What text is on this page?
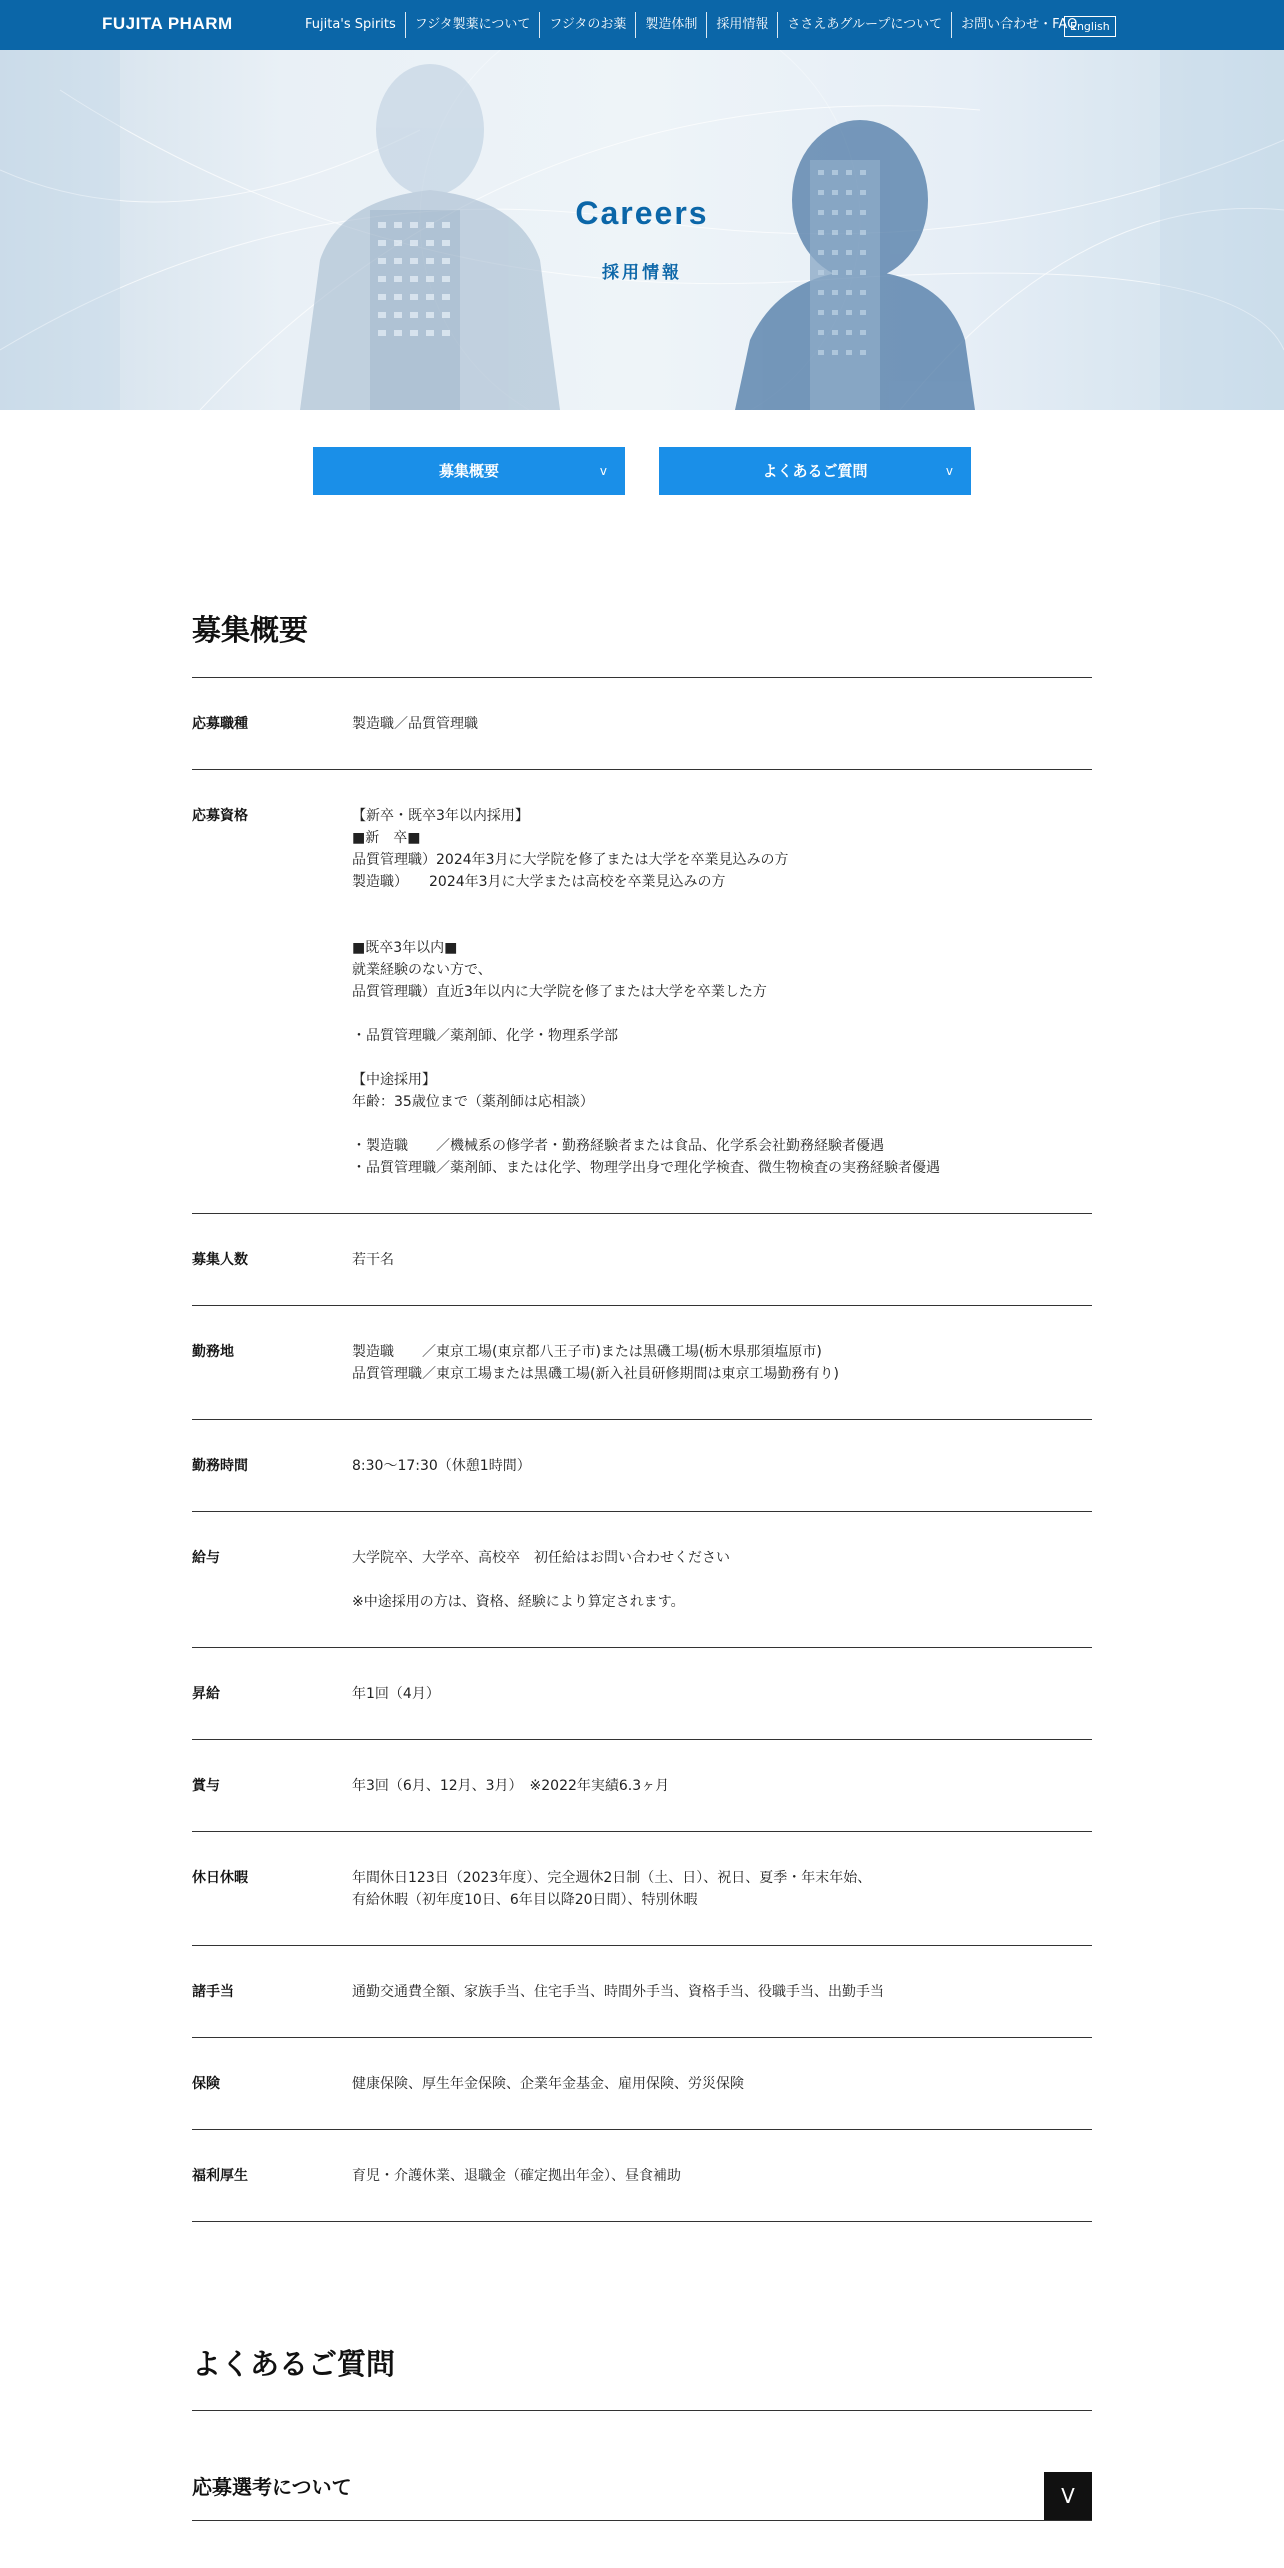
FUJITA PHARM	Fujita's Spirits	フジタ製薬について	フジタのお薬	製造体制	採用情報	ささえあグループについて	お問い合わせ・FAQ
English
Careers
採用情報
募集概要	v	よくあるご質問	v
募集概要
応募職種	製造職／品質管理職
応募資格	【新卒・既卒3年以内採用】
■新　卒■
品質管理職）2024年3月に大学院を修了または大学を卒業見込みの方
製造職）　　2024年3月に大学または高校を卒業見込みの方
■既卒3年以内■
就業経験のない方で、
品質管理職）直近3年以内に大学院を修了または大学を卒業した方
・品質管理職／薬剤師、化学・物理系学部
【中途採用】
年齢：35歳位まで（薬剤師は応相談）
・製造職　　／機械系の修学者・勤務経験者または食品、化学系会社勤務経験者優遇
・品質管理職／薬剤師、または化学、物理学出身で理化学検査、微生物検査の実務経験者優遇
募集人数	若干名
勤務地	製造職　　／東京工場(東京都八王子市)または黒磯工場(栃木県那須塩原市)
品質管理職／東京工場または黒磯工場(新入社員研修期間は東京工場勤務有り)
勤務時間	8:30～17:30（休憩1時間）
給与	大学院卒、大学卒、高校卒　初任給はお問い合わせください
※中途採用の方は、資格、経験により算定されます。
昇給	年1回（4月）
賞与	年3回（6月、12月、3月）　※2022年実績6.3ヶ月
休日休暇	年間休日123日（2023年度）、完全週休2日制（土、日）、祝日、夏季・年末年始、
有給休暇（初年度10日、6年目以降20日間）、特別休暇
諸手当	通勤交通費全額、家族手当、住宅手当、時間外手当、資格手当、役職手当、出勤手当
保険	健康保険、厚生年金保険、企業年金基金、雇用保険、労災保険
福利厚生	育児・介護休業、退職金（確定拠出年金）、昼食補助
よくあるご質問
応募選考について	V
